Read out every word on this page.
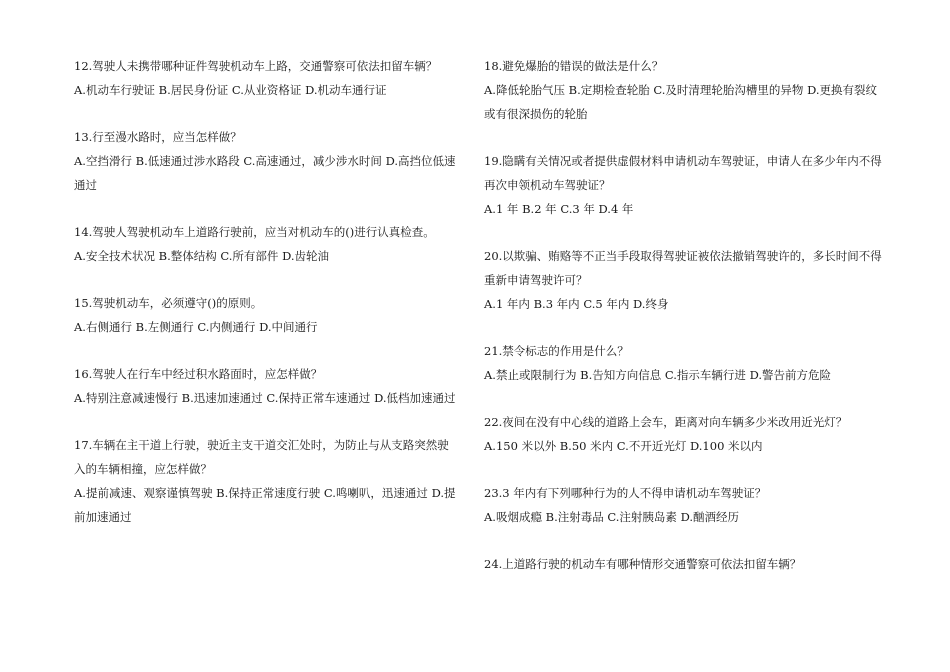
12.驾驶人未携带哪种证件驾驶机动车上路，交通警察可依法扣留车辆？
A.机动车行驶证 B.居民身份证 C.从业资格证 D.机动车通行证
13.行至漫水路时，应当怎样做？
A.空挡滑行 B.低速通过涉水路段 C.高速通过，减少涉水时间 D.高挡位低速通过
14.驾驶人驾驶机动车上道路行驶前，应当对机动车的()进行认真检查。
A.安全技术状况 B.整体结构 C.所有部件 D.齿轮油
15.驾驶机动车，必须遵守()的原则。
A.右侧通行 B.左侧通行 C.内侧通行 D.中间通行
16.驾驶人在行车中经过积水路面时，应怎样做？
A.特别注意减速慢行 B.迅速加速通过 C.保持正常车速通过 D.低档加速通过
17.车辆在主干道上行驶，驶近主支干道交汇处时，为防止与从支路突然驶入的车辆相撞，应怎样做？
A.提前减速、观察谨慎驾驶 B.保持正常速度行驶 C.鸣喇叭，迅速通过 D.提前加速通过
18.避免爆胎的错误的做法是什么？
A.降低轮胎气压 B.定期检查轮胎 C.及时清理轮胎沟槽里的异物 D.更换有裂纹或有很深损伤的轮胎
19.隐瞒有关情况或者提供虚假材料申请机动车驾驶证，申请人在多少年内不得再次申领机动车驾驶证？
A.1 年 B.2 年 C.3 年 D.4 年
20.以欺骗、贿赂等不正当手段取得驾驶证被依法撤销驾驶许的，多长时间不得重新申请驾驶许可？
A.1 年内 B.3 年内 C.5 年内 D.终身
21.禁令标志的作用是什么？
A.禁止或限制行为 B.告知方向信息 C.指示车辆行进 D.警告前方危险
22.夜间在没有中心线的道路上会车，距离对向车辆多少米改用近光灯？
A.150 米以外 B.50 米内 C.不开近光灯 D.100 米以内
23.3 年内有下列哪种行为的人不得申请机动车驾驶证？
A.吸烟成瘾 B.注射毒品 C.注射胰岛素 D.酗酒经历
24.上道路行驶的机动车有哪种情形交通警察可依法扣留车辆？
